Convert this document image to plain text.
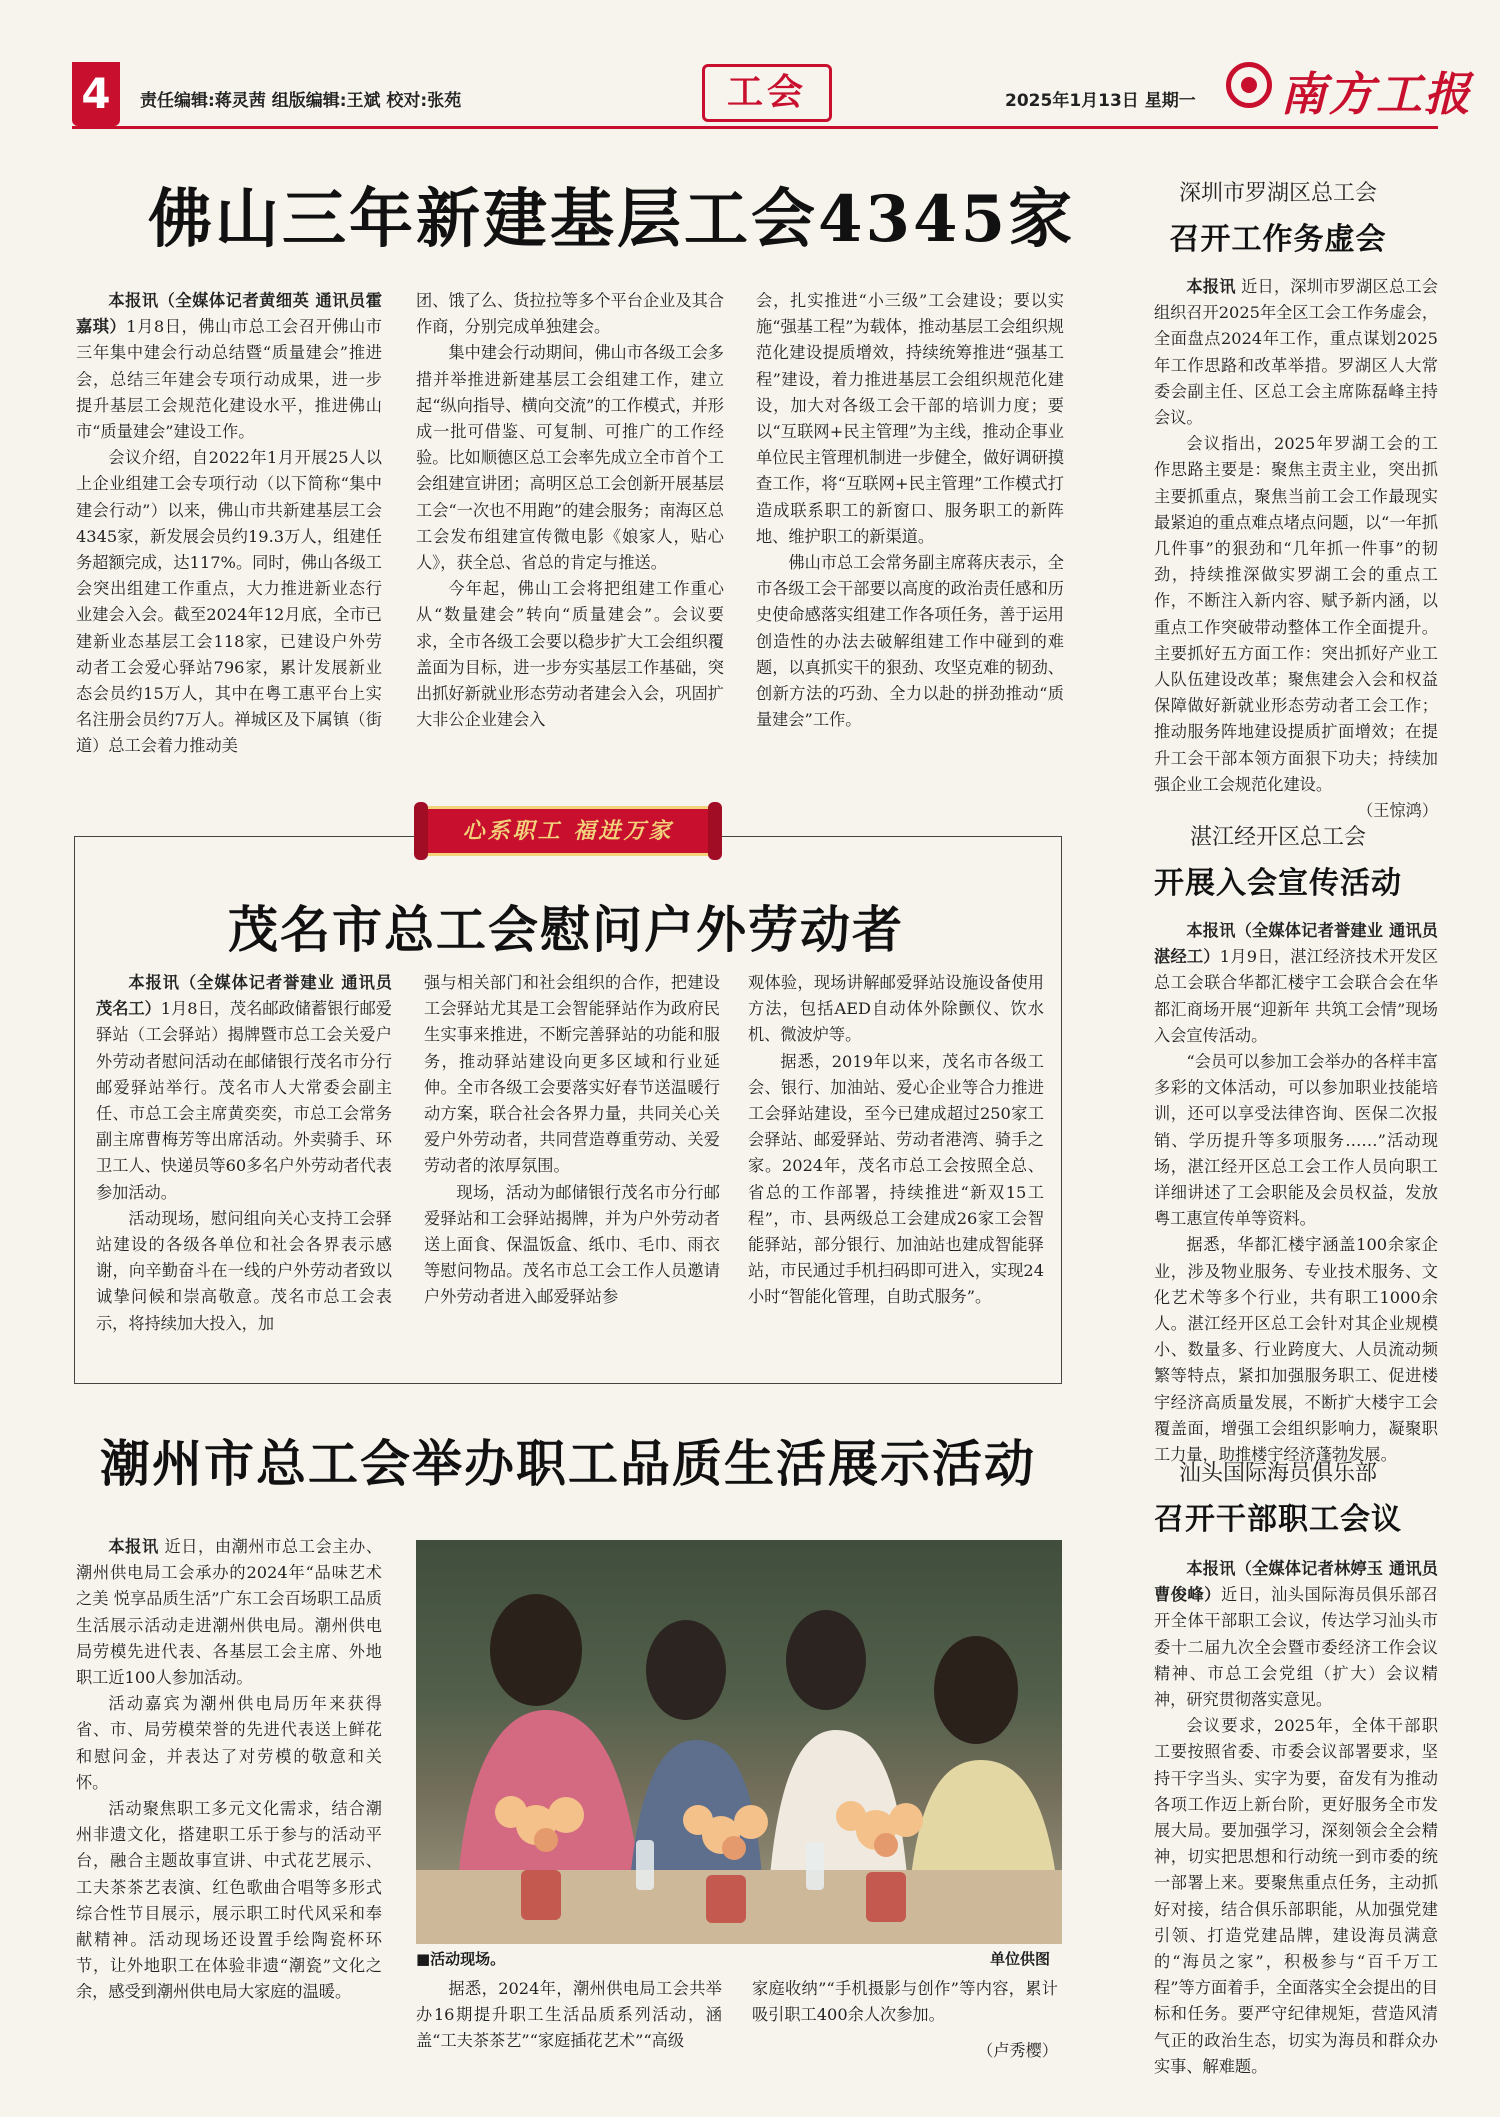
4	责任编辑:蒋灵茜 组版编辑:王斌 校对:张苑	工会	2025年1月13日 星期一 南方工报
佛山三年新建基层工会4345家

本报讯（全媒体记者黄细英 通讯员霍嘉琪）1月8日，佛山市总工会召开佛山市三年集中建会行动总结暨“质量建会”推进会，总结三年建会专项行动成果，进一步提升基层工会规范化建设水平，推进佛山市“质量建会”建设工作。

会议介绍，自2022年1月开展25人以上企业组建工会专项行动（以下简称“集中建会行动”）以来，佛山市共新建基层工会4345家，新发展会员约19.3万人，组建任务超额完成，达117%。同时，佛山各级工会突出组建工作重点，大力推进新业态行业建会入会。截至2024年12月底，全市已建新业态基层工会118家，已建设户外劳动者工会爱心驿站796家，累计发展新业态会员约15万人，其中在粤工惠平台上实名注册会员约7万人。禅城区及下属镇（街道）总工会着力推动美

团、饿了么、货拉拉等多个平台企业及其合作商，分别完成单独建会。

集中建会行动期间，佛山市各级工会多措并举推进新建基层工会组建工作，建立起“纵向指导、横向交流”的工作模式，并形成一批可借鉴、可复制、可推广的工作经验。比如顺德区总工会率先成立全市首个工会组建宣讲团；高明区总工会创新开展基层工会“一次也不用跑”的建会服务；南海区总工会发布组建宣传微电影《娘家人，贴心人》，获全总、省总的肯定与推送。

今年起，佛山工会将把组建工作重心从“数量建会”转向“质量建会”。会议要求，全市各级工会要以稳步扩大工会组织覆盖面为目标，进一步夯实基层工作基础，突出抓好新就业形态劳动者建会入会，巩固扩大非公企业建会入

会，扎实推进“小三级”工会建设；要以实施“强基工程”为载体，推动基层工会组织规范化建设提质增效，持续统筹推进“强基工程”建设，着力推进基层工会组织规范化建设，加大对各级工会干部的培训力度；要以“互联网+民主管理”为主线，推动企事业单位民主管理机制进一步健全，做好调研摸查工作，将“互联网+民主管理”工作模式打造成联系职工的新窗口、服务职工的新阵地、维护职工的新渠道。

佛山市总工会常务副主席蒋庆表示，全市各级工会干部要以高度的政治责任感和历史使命感落实组建工作各项任务，善于运用创造性的办法去破解组建工作中碰到的难题，以真抓实干的狠劲、攻坚克难的韧劲、创新方法的巧劲、全力以赴的拼劲推动“质量建会”工作。

深圳市罗湖区总工会
召开工作务虚会

本报讯 近日，深圳市罗湖区总工会组织召开2025年全区工会工作务虚会，全面盘点2024年工作，重点谋划2025年工作思路和改革举措。罗湖区人大常委会副主任、区总工会主席陈磊峰主持会议。

会议指出，2025年罗湖工会的工作思路主要是：聚焦主责主业，突出抓主要抓重点，聚焦当前工会工作最现实最紧迫的重点难点堵点问题，以“一年抓几件事”的狠劲和“几年抓一件事”的韧劲，持续推深做实罗湖工会的重点工作，不断注入新内容、赋予新内涵，以重点工作突破带动整体工作全面提升。主要抓好五方面工作：突出抓好产业工人队伍建设改革；聚焦建会入会和权益保障做好新就业形态劳动者工会工作；推动服务阵地建设提质扩面增效；在提升工会干部本领方面狠下功夫；持续加强企业工会规范化建设。

（王惊鸿）
心系职工 福进万家
茂名市总工会慰问户外劳动者

本报讯（全媒体记者誉建业 通讯员茂名工）1月8日，茂名邮政储蓄银行邮爱驿站（工会驿站）揭牌暨市总工会关爱户外劳动者慰问活动在邮储银行茂名市分行邮爱驿站举行。茂名市人大常委会副主任、市总工会主席黄奕奕，市总工会常务副主席曹梅芳等出席活动。外卖骑手、环卫工人、快递员等60多名户外劳动者代表参加活动。

活动现场，慰问组向关心支持工会驿站建设的各级各单位和社会各界表示感谢，向辛勤奋斗在一线的户外劳动者致以诚挚问候和崇高敬意。茂名市总工会表示，将持续加大投入，加

强与相关部门和社会组织的合作，把建设工会驿站尤其是工会智能驿站作为政府民生实事来推进，不断完善驿站的功能和服务，推动驿站建设向更多区域和行业延伸。全市各级工会要落实好春节送温暖行动方案，联合社会各界力量，共同关心关爱户外劳动者，共同营造尊重劳动、关爱劳动者的浓厚氛围。

现场，活动为邮储银行茂名市分行邮爱驿站和工会驿站揭牌，并为户外劳动者送上面食、保温饭盒、纸巾、毛巾、雨衣等慰问物品。茂名市总工会工作人员邀请户外劳动者进入邮爱驿站参

观体验，现场讲解邮爱驿站设施设备使用方法，包括AED自动体外除颤仪、饮水机、微波炉等。

据悉，2019年以来，茂名市各级工会、银行、加油站、爱心企业等合力推进工会驿站建设，至今已建成超过250家工会驿站、邮爱驿站、劳动者港湾、骑手之家。2024年，茂名市总工会按照全总、省总的工作部署，持续推进“新双15工程”，市、县两级总工会建成26家工会智能驿站，部分银行、加油站也建成智能驿站，市民通过手机扫码即可进入，实现24小时“智能化管理，自助式服务”。

湛江经开区总工会
开展入会宣传活动

本报讯（全媒体记者誉建业 通讯员湛经工）1月9日，湛江经济技术开发区总工会联合华都汇楼宇工会联合会在华都汇商场开展“迎新年 共筑工会情”现场入会宣传活动。

“会员可以参加工会举办的各样丰富多彩的文体活动，可以参加职业技能培训，还可以享受法律咨询、医保二次报销、学历提升等多项服务……”活动现场，湛江经开区总工会工作人员向职工详细讲述了工会职能及会员权益，发放粤工惠宣传单等资料。

据悉，华都汇楼宇涵盖100余家企业，涉及物业服务、专业技术服务、文化艺术等多个行业，共有职工1000余人。湛江经开区总工会针对其企业规模小、数量多、行业跨度大、人员流动频繁等特点，紧扣加强服务职工、促进楼宇经济高质量发展，不断扩大楼宇工会覆盖面，增强工会组织影响力，凝聚职工力量，助推楼宇经济蓬勃发展。

潮州市总工会举办职工品质生活展示活动

本报讯 近日，由潮州市总工会主办、潮州供电局工会承办的2024年“品味艺术之美 悦享品质生活”广东工会百场职工品质生活展示活动走进潮州供电局。潮州供电局劳模先进代表、各基层工会主席、外地职工近100人参加活动。

活动嘉宾为潮州供电局历年来获得省、市、局劳模荣誉的先进代表送上鲜花和慰问金，并表达了对劳模的敬意和关怀。

活动聚焦职工多元文化需求，结合潮州非遗文化，搭建职工乐于参与的活动平台，融合主题故事宣讲、中式花艺展示、工夫茶茶艺表演、红色歌曲合唱等多形式综合性节目展示，展示职工时代风采和奉献精神。活动现场还设置手绘陶瓷杯环节，让外地职工在体验非遗“潮瓷”文化之余，感受到潮州供电局大家庭的温暖。

■活动现场。	单位供图

据悉，2024年，潮州供电局工会共举办16期提升职工生活品质系列活动，涵盖“工夫茶茶艺”“家庭插花艺术”“高级

家庭收纳”“手机摄影与创作”等内容，累计吸引职工400余人次参加。

（卢秀樱）
汕头国际海员俱乐部
召开干部职工会议

本报讯（全媒体记者林婷玉 通讯员曹俊峰）近日，汕头国际海员俱乐部召开全体干部职工会议，传达学习汕头市委十二届九次全会暨市委经济工作会议精神、市总工会党组（扩大）会议精神，研究贯彻落实意见。

会议要求，2025年，全体干部职工要按照省委、市委会议部署要求，坚持干字当头、实字为要，奋发有为推动各项工作迈上新台阶，更好服务全市发展大局。要加强学习，深刻领会全会精神，切实把思想和行动统一到市委的统一部署上来。要聚焦重点任务，主动抓好对接，结合俱乐部职能，从加强党建引领、打造党建品牌，建设海员满意的“海员之家”，积极参与“百千万工程”等方面着手，全面落实全会提出的目标和任务。要严守纪律规矩，营造风清气正的政治生态，切实为海员和群众办实事、解难题。
